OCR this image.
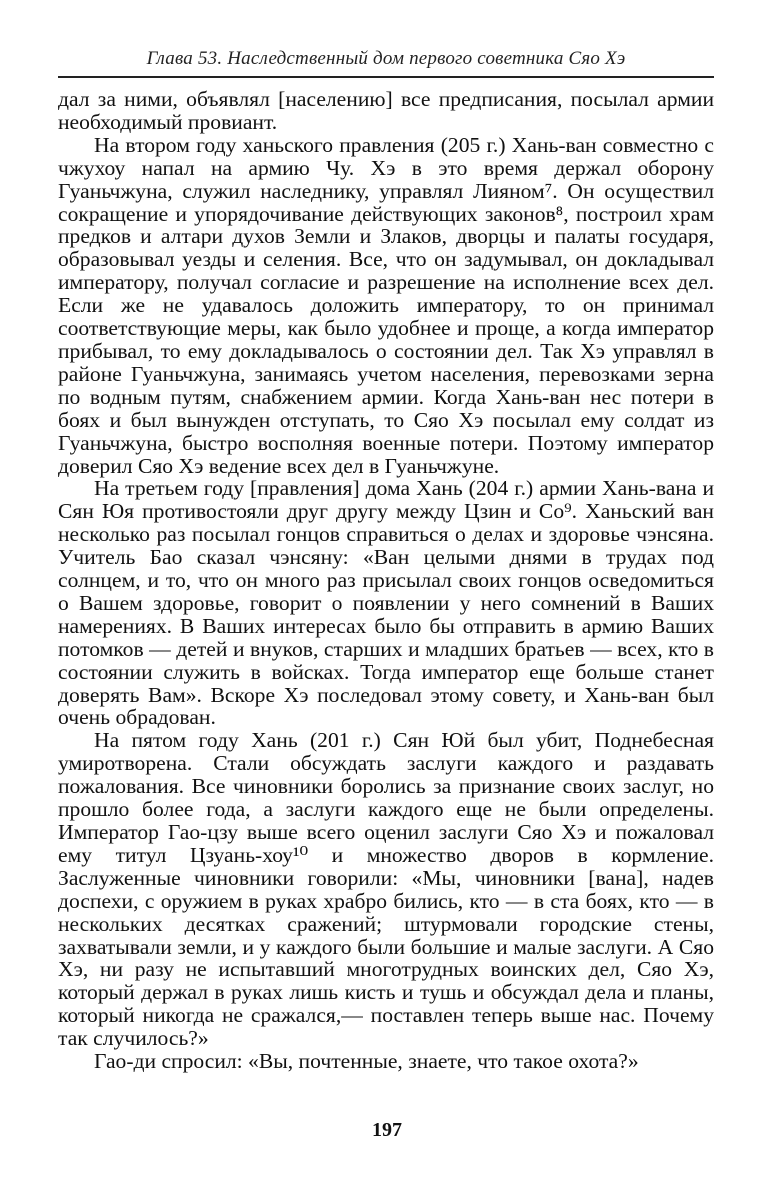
Глава 53. Наследственный дом первого советника Сяо Хэ

дал за ними, объявлял [населению] все предписания, посылал армии необходимый провиант.

На втором году ханьского правления (205 г.) Хань-ван совместно с чжухоу напал на армию Чу. Хэ в это время держал оборону Гуаньчжуна, служил наследнику, управлял Лияном⁷. Он осуществил сокращение и упорядочивание действующих законов⁸, построил храм предков и алтари духов Земли и Злаков, дворцы и палаты государя, образовывал уезды и селения. Все, что он задумывал, он докладывал императору, получал согласие и разрешение на исполнение всех дел. Если же не удавалось доложить императору, то он принимал соответствующие меры, как было удобнее и проще, а когда император прибывал, то ему докладывалось о состоянии дел. Так Хэ управлял в районе Гуаньчжуна, занимаясь учетом населения, перевозками зерна по водным путям, снабжением армии. Когда Хань-ван нес потери в боях и был вынужден отступать, то Сяо Хэ посылал ему солдат из Гуаньчжуна, быстро восполняя военные потери. Поэтому император доверил Сяо Хэ ведение всех дел в Гуаньчжуне.

На третьем году [правления] дома Хань (204 г.) армии Хань-вана и Сян Юя противостояли друг другу между Цзин и Со⁹. Ханьский ван несколько раз посылал гонцов справиться о делах и здоровье чэнсяна. Учитель Бао сказал чэнсяну: «Ван целыми днями в трудах под солнцем, и то, что он много раз присылал своих гонцов осведомиться о Вашем здоровье, говорит о появлении у него сомнений в Ваших намерениях. В Ваших интересах было бы отправить в армию Ваших потомков — детей и внуков, старших и младших братьев — всех, кто в состоянии служить в войсках. Тогда император еще больше станет доверять Вам». Вскоре Хэ последовал этому совету, и Хань-ван был очень обрадован.

На пятом году Хань (201 г.) Сян Юй был убит, Поднебесная умиротворена. Стали обсуждать заслуги каждого и раздавать пожалования. Все чиновники боролись за признание своих заслуг, но прошло более года, а заслуги каждого еще не были определены. Император Гао-цзу выше всего оценил заслуги Сяо Хэ и пожаловал ему титул Цзуань-хоу¹⁰ и множество дворов в кормление. Заслуженные чиновники говорили: «Мы, чиновники [вана], надев доспехи, с оружием в руках храбро бились, кто — в ста боях, кто — в нескольких десятках сражений; штурмовали городские стены, захватывали земли, и у каждого были большие и малые заслуги. А Сяо Хэ, ни разу не испытавший многотрудных воинских дел, Сяо Хэ, который держал в руках лишь кисть и тушь и обсуждал дела и планы, который никогда не сражался,— поставлен теперь выше нас. Почему так случилось?»

Гао-ди спросил: «Вы, почтенные, знаете, что такое охота?»

197
